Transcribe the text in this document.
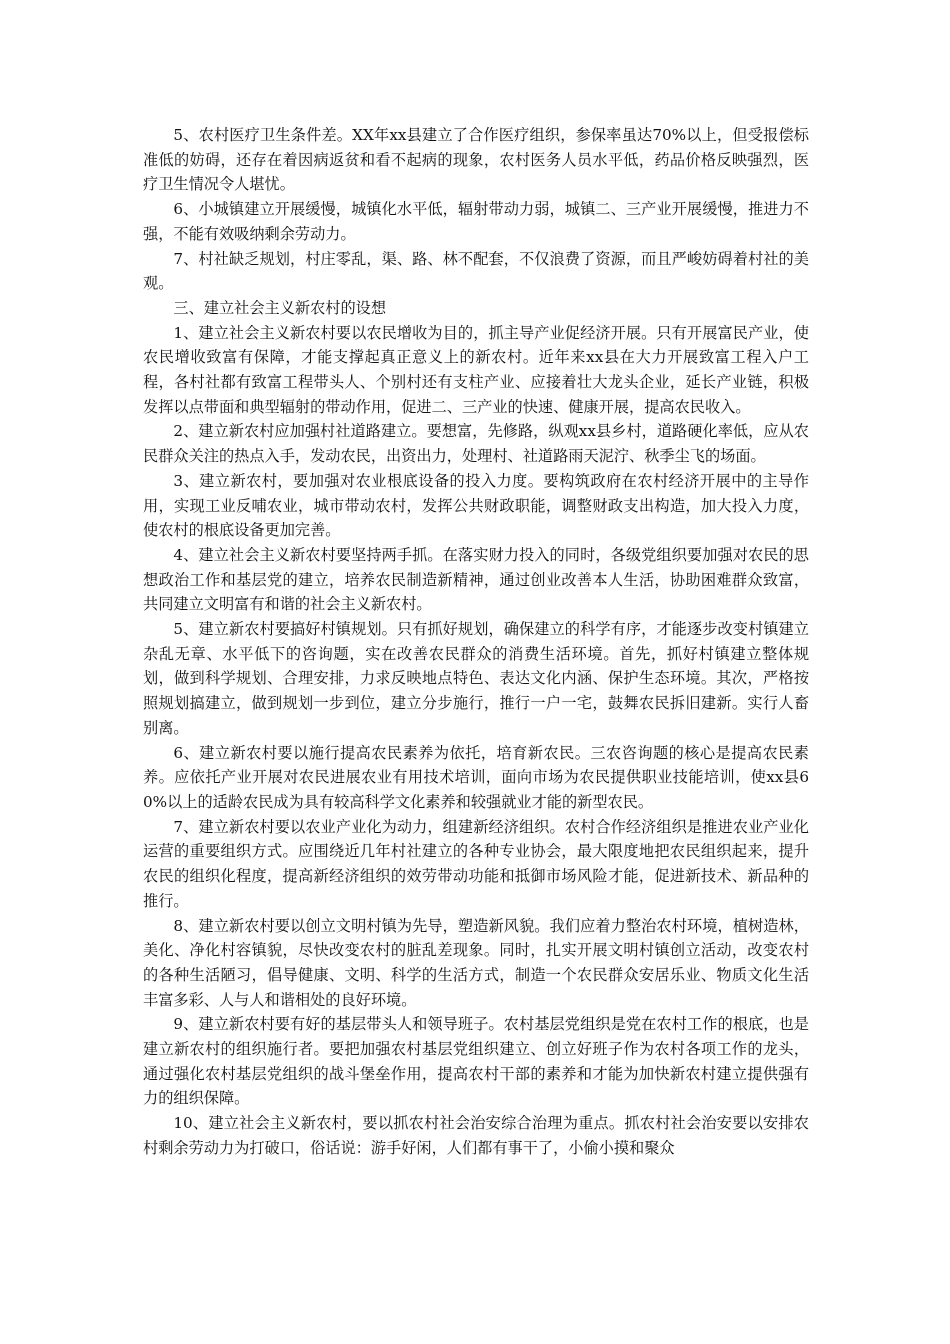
5、农村医疗卫生条件差。XX年xx县建立了合作医疗组织，参保率虽达70%以上，但受报偿标准低的妨碍，还存在着因病返贫和看不起病的现象，农村医务人员水平低，药品价格反映强烈，医疗卫生情况令人堪忧。

6、小城镇建立开展缓慢，城镇化水平低，辐射带动力弱，城镇二、三产业开展缓慢，推进力不强，不能有效吸纳剩余劳动力。

7、村社缺乏规划，村庄零乱，渠、路、林不配套，不仅浪费了资源，而且严峻妨碍着村社的美观。

三、建立社会主义新农村的设想

1、建立社会主义新农村要以农民增收为目的，抓主导产业促经济开展。只有开展富民产业，使农民增收致富有保障，才能支撑起真正意义上的新农村。近年来xx县在大力开展致富工程入户工程，各村社都有致富工程带头人、个别村还有支柱产业、应接着壮大龙头企业，延长产业链，积极发挥以点带面和典型辐射的带动作用，促进二、三产业的快速、健康开展，提高农民收入。

2、建立新农村应加强村社道路建立。要想富，先修路，纵观xx县乡村，道路硬化率低，应从农民群众关注的热点入手，发动农民，出资出力，处理村、社道路雨天泥泞、秋季尘飞的场面。

3、建立新农村，要加强对农业根底设备的投入力度。要构筑政府在农村经济开展中的主导作用，实现工业反哺农业，城市带动农村，发挥公共财政职能，调整财政支出构造，加大投入力度，使农村的根底设备更加完善。

4、建立社会主义新农村要坚持两手抓。在落实财力投入的同时，各级党组织要加强对农民的思想政治工作和基层党的建立，培养农民制造新精神，通过创业改善本人生活，协助困难群众致富，共同建立文明富有和谐的社会主义新农村。

5、建立新农村要搞好村镇规划。只有抓好规划，确保建立的科学有序，才能逐步改变村镇建立杂乱无章、水平低下的咨询题，实在改善农民群众的消费生活环境。首先，抓好村镇建立整体规划，做到科学规划、合理安排，力求反映地点特色、表达文化内涵、保护生态环境。其次，严格按照规划搞建立，做到规划一步到位，建立分步施行，推行一户一宅，鼓舞农民拆旧建新。实行人畜别离。

6、建立新农村要以施行提高农民素养为依托，培育新农民。三农咨询题的核心是提高农民素养。应依托产业开展对农民进展农业有用技术培训，面向市场为农民提供职业技能培训，使xx县60%以上的适龄农民成为具有较高科学文化素养和较强就业才能的新型农民。

7、建立新农村要以农业产业化为动力，组建新经济组织。农村合作经济组织是推进农业产业化运营的重要组织方式。应围绕近几年村社建立的各种专业协会，最大限度地把农民组织起来，提升农民的组织化程度，提高新经济组织的效劳带动功能和抵御市场风险才能，促进新技术、新品种的推行。

8、建立新农村要以创立文明村镇为先导，塑造新风貌。我们应着力整治农村环境，植树造林，美化、净化村容镇貌，尽快改变农村的脏乱差现象。同时，扎实开展文明村镇创立活动，改变农村的各种生活陋习，倡导健康、文明、科学的生活方式，制造一个农民群众安居乐业、物质文化生活丰富多彩、人与人和谐相处的良好环境。

9、建立新农村要有好的基层带头人和领导班子。农村基层党组织是党在农村工作的根底，也是建立新农村的组织施行者。要把加强农村基层党组织建立、创立好班子作为农村各项工作的龙头，通过强化农村基层党组织的战斗堡垒作用，提高农村干部的素养和才能为加快新农村建立提供强有力的组织保障。

10、建立社会主义新农村，要以抓农村社会治安综合治理为重点。抓农村社会治安要以安排农村剩余劳动力为打破口，俗话说：游手好闲，人们都有事干了，小偷小摸和聚众
